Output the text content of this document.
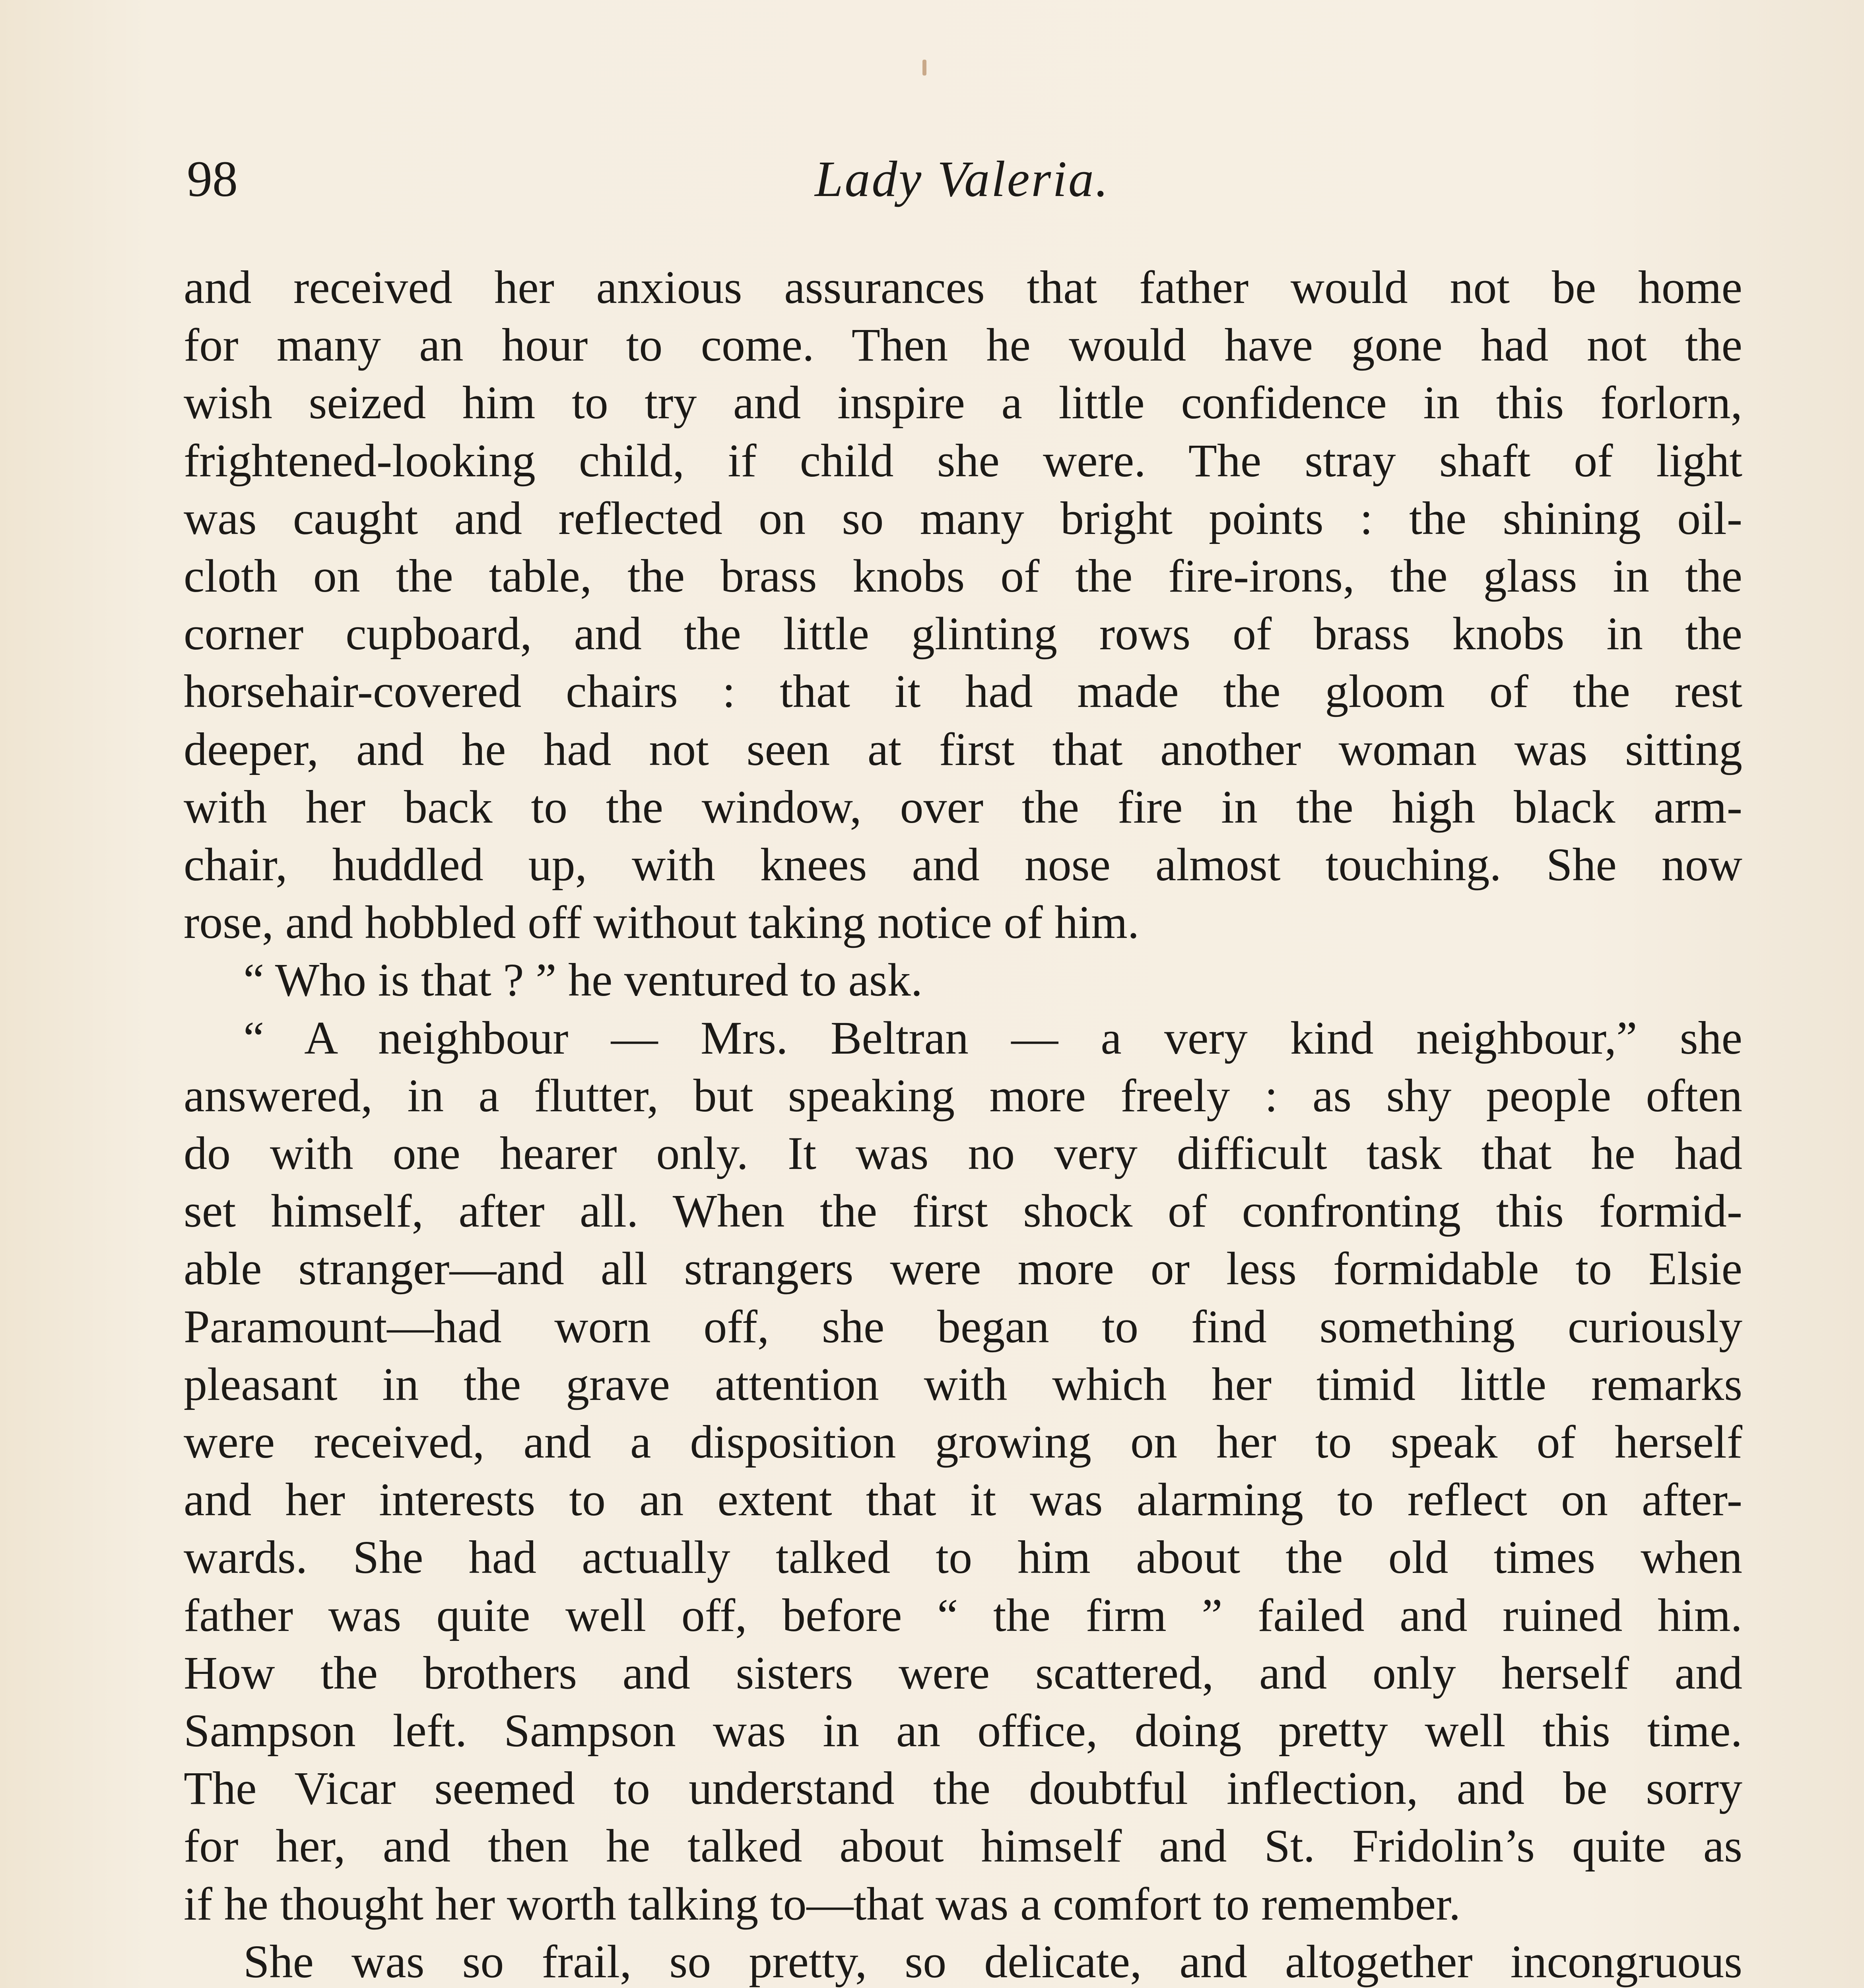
98	Lady Valeria.

and received her anxious assurances that father would not be home

for many an hour to come. Then he would have gone had not the

wish seized him to try and inspire a little confidence in this forlorn,

frightened-looking child, if child she were. The stray shaft of light

was caught and reflected on so many bright points : the shining oil-

cloth on the table, the brass knobs of the fire-irons, the glass in the

corner cupboard, and the little glinting rows of brass knobs in the

horsehair-covered chairs : that it had made the gloom of the rest

deeper, and he had not seen at first that another woman was sitting

with her back to the window, over the fire in the high black arm-

chair, huddled up, with knees and nose almost touching. She now

rose, and hobbled off without taking notice of him.

“ Who is that ? ” he ventured to ask.

“ A neighbour — Mrs. Beltran — a very kind neighbour,” she

answered, in a flutter, but speaking more freely : as shy people often

do with one hearer only. It was no very difficult task that he had

set himself, after all. When the first shock of confronting this formid-

able stranger—and all strangers were more or less formidable to Elsie

Paramount—had worn off, she began to find something curiously

pleasant in the grave attention with which her timid little remarks

were received, and a disposition growing on her to speak of herself

and her interests to an extent that it was alarming to reflect on after-

wards. She had actually talked to him about the old times when

father was quite well off, before “ the firm ” failed and ruined him.

How the brothers and sisters were scattered, and only herself and

Sampson left. Sampson was in an office, doing pretty well this time.

The Vicar seemed to understand the doubtful inflection, and be sorry

for her, and then he talked about himself and St. Fridolin’s quite as

if he thought her worth talking to—that was a comfort to remember.

She was so frail, so pretty, so delicate, and altogether incongruous
